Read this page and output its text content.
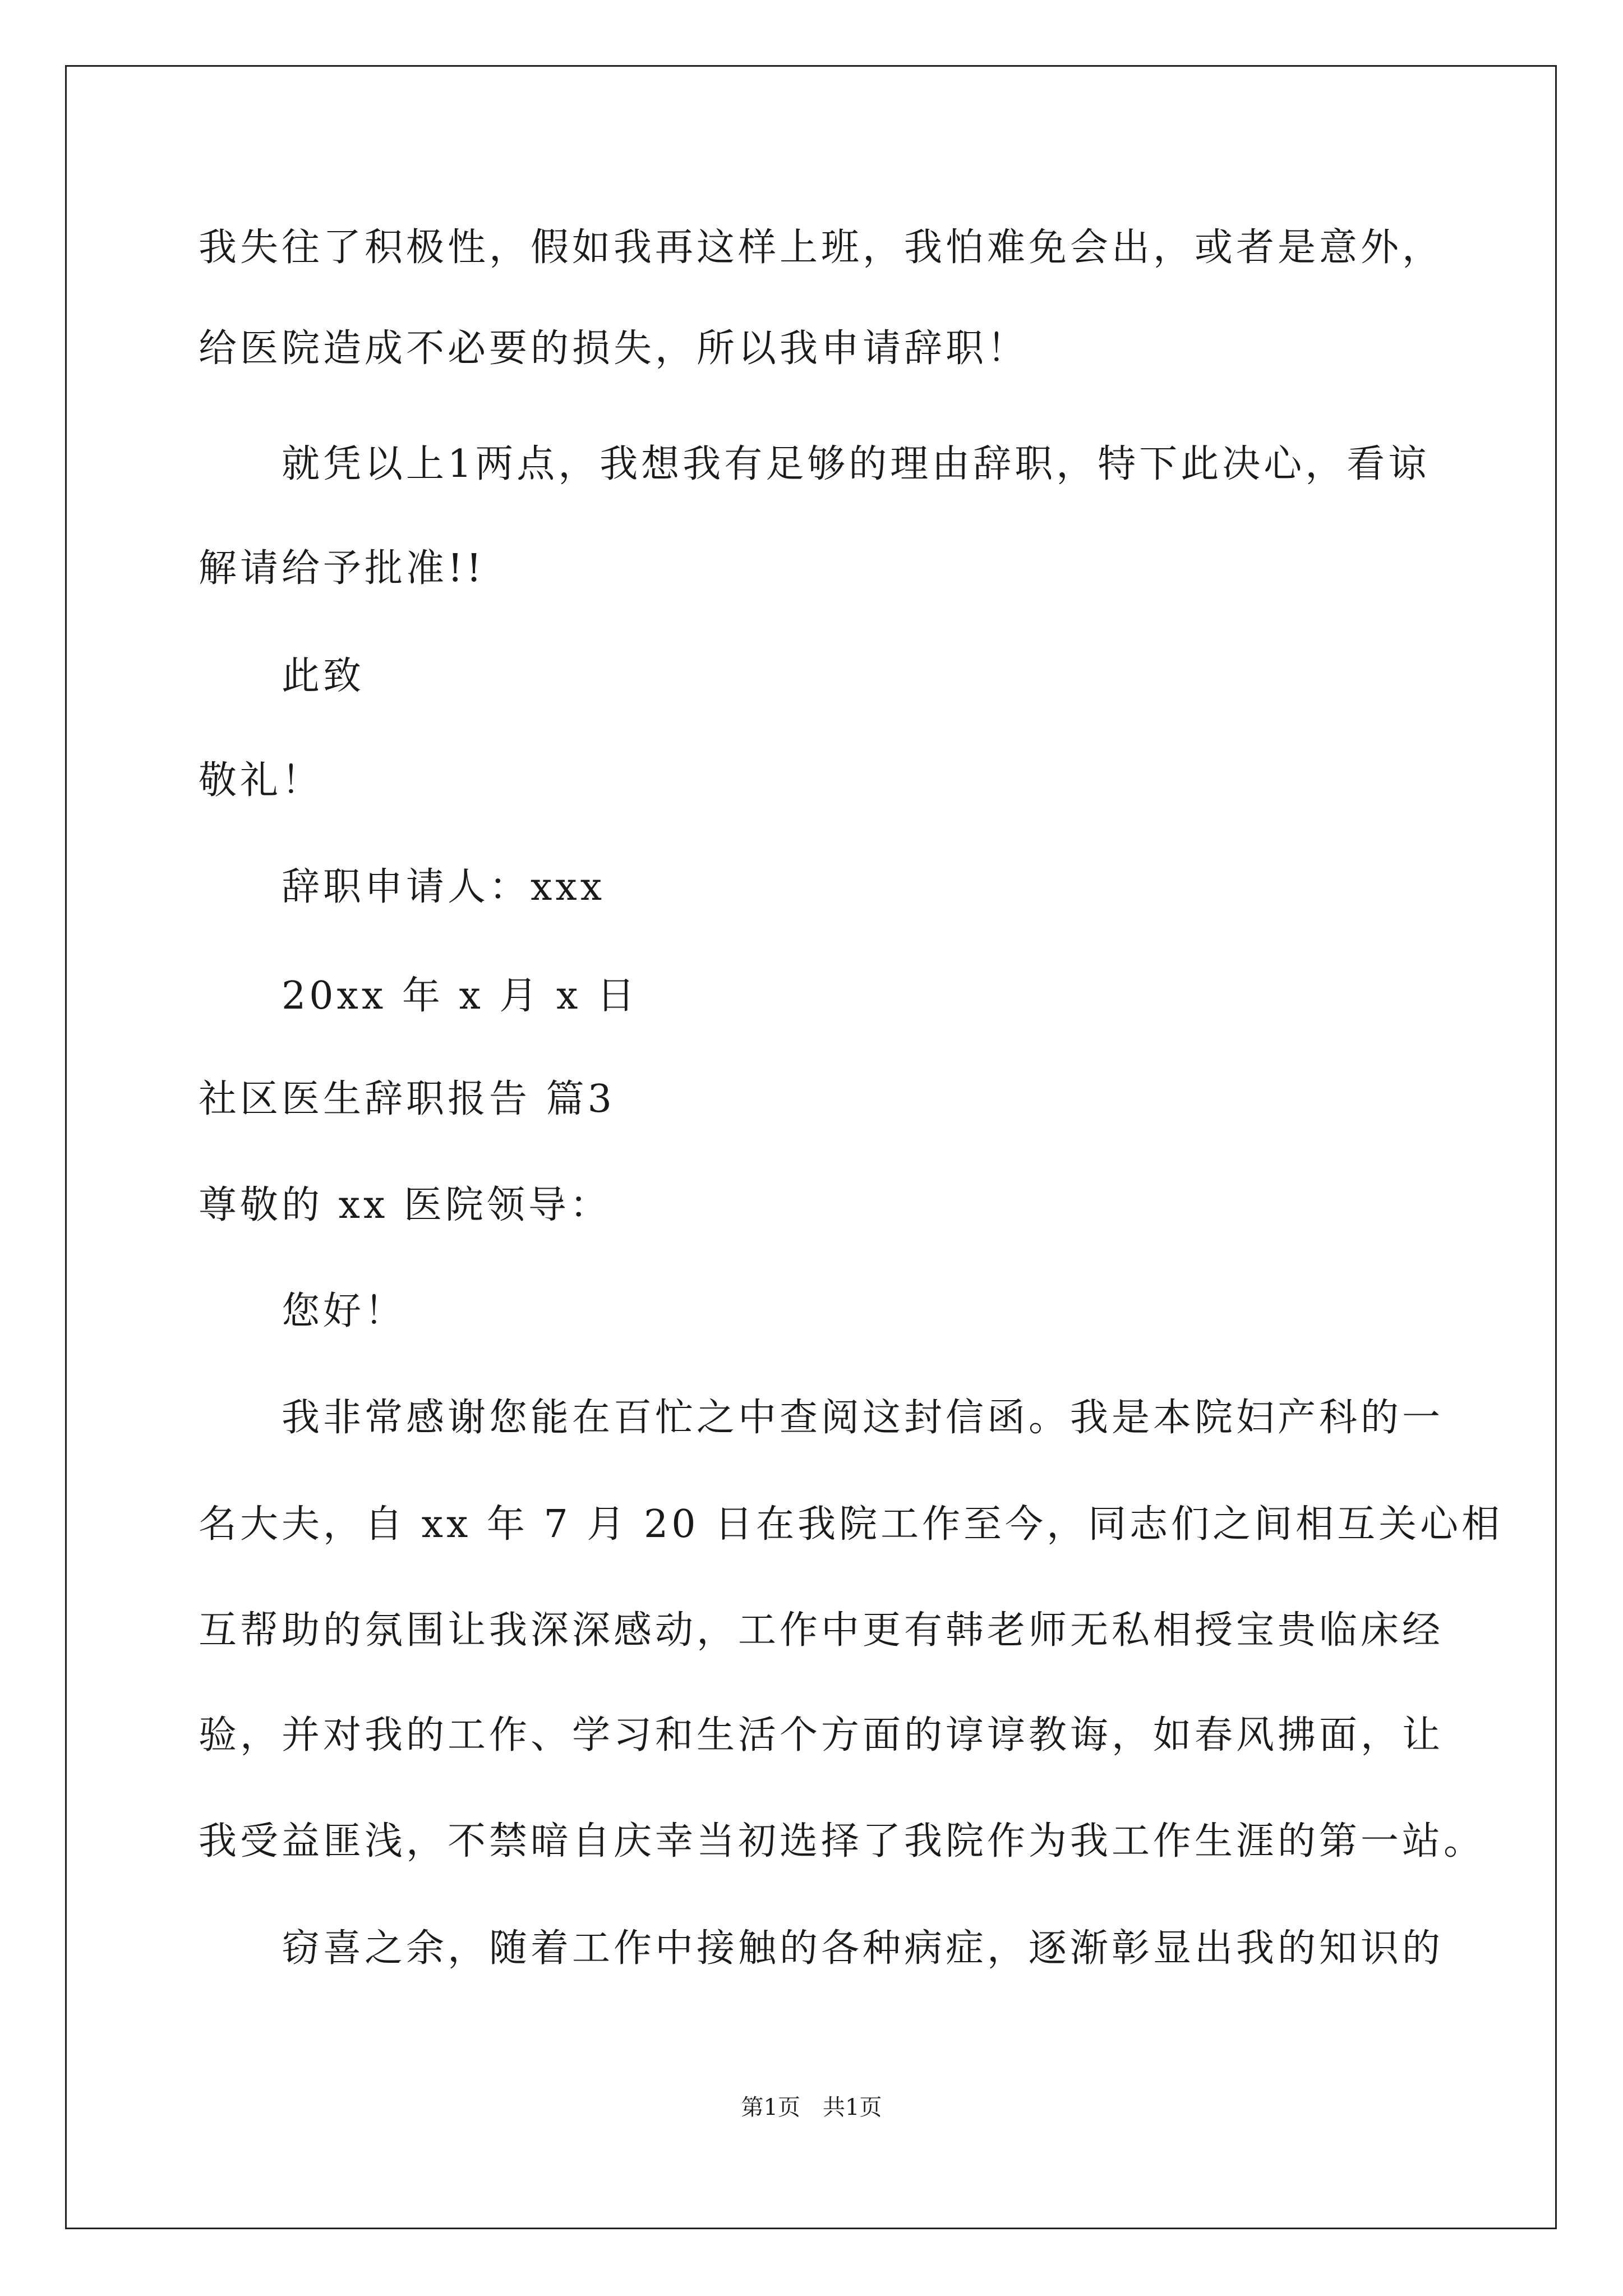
我失往了积极性，假如我再这样上班，我怕难免会出，或者是意外，
给医院造成不必要的损失，所以我申请辞职！
就凭以上1两点，我想我有足够的理由辞职，特下此决心，看谅
解请给予批准!!
此致
敬礼！
辞职申请人：xxx
20xx 年 x 月 x 日
社区医生辞职报告 篇3
尊敬的 xx 医院领导：
您好！
我非常感谢您能在百忙之中查阅这封信函。我是本院妇产科的一
名大夫，自 xx 年 7 月 20 日在我院工作至今，同志们之间相互关心相
互帮助的氛围让我深深感动，工作中更有韩老师无私相授宝贵临床经
验，并对我的工作、学习和生活个方面的谆谆教诲，如春风拂面，让
我受益匪浅，不禁暗自庆幸当初选择了我院作为我工作生涯的第一站。
窃喜之余，随着工作中接触的各种病症，逐渐彰显出我的知识的
第1页　共1页
